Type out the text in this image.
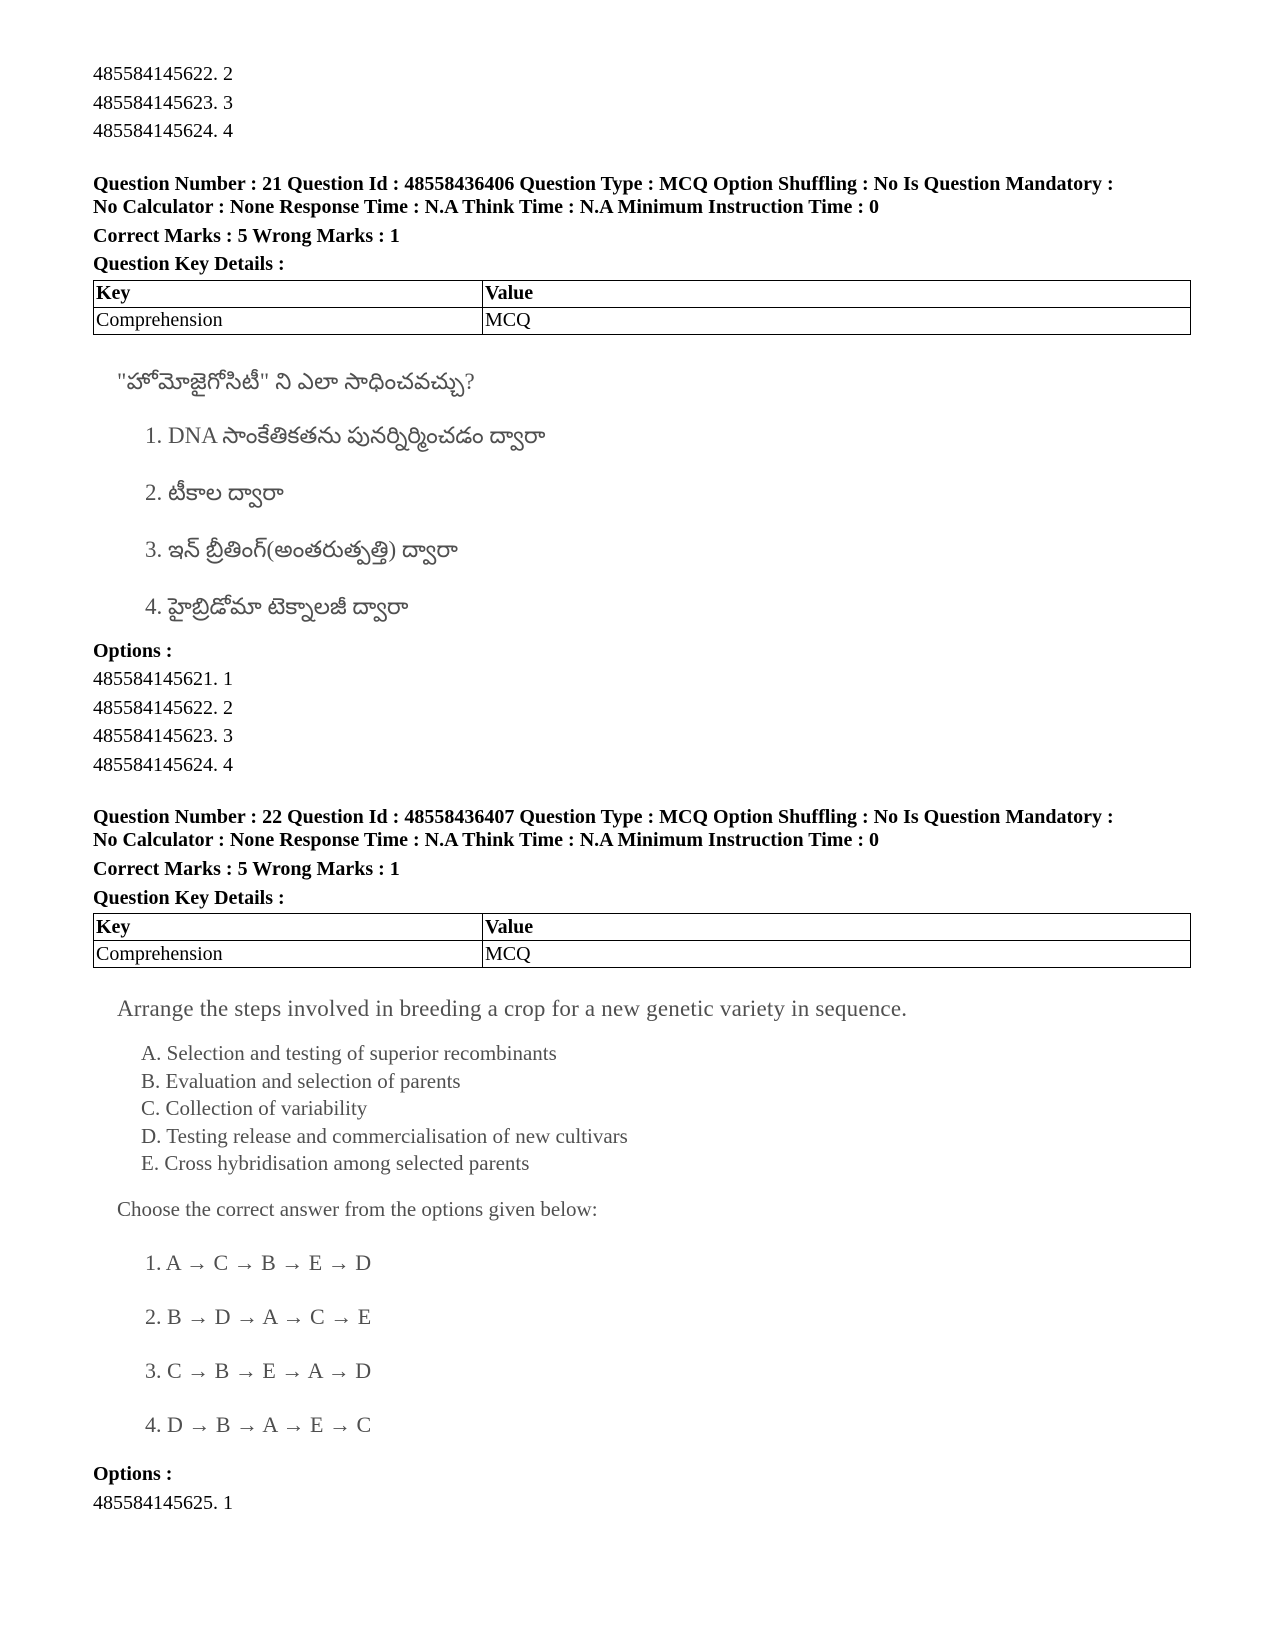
485584145622. 2
485584145623. 3
485584145624. 4
Question Number : 21 Question Id : 48558436406 Question Type : MCQ Option Shuffling : No Is Question Mandatory :
No Calculator : None Response Time : N.A Think Time : N.A Minimum Instruction Time : 0
Correct Marks : 5 Wrong Marks : 1
Question Key Details :
Key	Value
Comprehension	MCQ
"హోమోజైగోసిటీ" ని ఎలా సాధించవచ్చు?
1. DNA సాంకేతికతను పునర్నిర్మించడం ద్వారా
2. టీకాల ద్వారా
3. ఇన్ బ్రీతింగ్(అంతరుత్పత్తి) ద్వారా
4. హైబ్రిడోమా టెక్నాలజీ ద్వారా
Options :
485584145621. 1
485584145622. 2
485584145623. 3
485584145624. 4
Question Number : 22 Question Id : 48558436407 Question Type : MCQ Option Shuffling : No Is Question Mandatory :
No Calculator : None Response Time : N.A Think Time : N.A Minimum Instruction Time : 0
Correct Marks : 5 Wrong Marks : 1
Question Key Details :
Key	Value
Comprehension	MCQ
Arrange the steps involved in breeding a crop for a new genetic variety in sequence.
A. Selection and testing of superior recombinants
B. Evaluation and selection of parents
C. Collection of variability
D. Testing release and commercialisation of new cultivars
E. Cross hybridisation among selected parents
Choose the correct answer from the options given below:
1. A → C → B → E → D
2. B → D → A → C → E
3. C → B → E → A → D
4. D → B → A → E → C
Options :
485584145625. 1
